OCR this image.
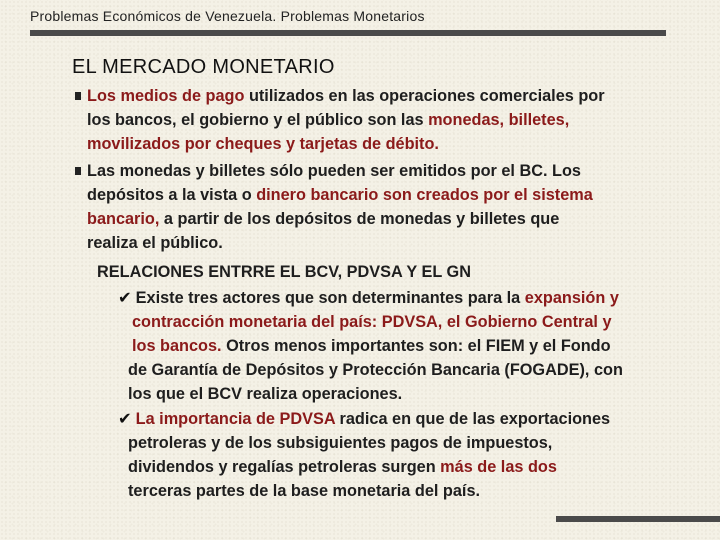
Problemas Económicos de Venezuela. Problemas Monetarios
EL MERCADO MONETARIO
Los medios de pago utilizados en las operaciones comerciales por
los bancos, el gobierno y el público son las monedas, billetes,
movilizados por cheques y tarjetas de débito.
Las monedas y billetes sólo pueden ser emitidos por el BC. Los
depósitos a la vista o dinero bancario son creados por el sistema
bancario, a partir de los depósitos de monedas y billetes que
realiza el público.
RELACIONES ENTRRE EL BCV, PDVSA Y EL GN
✔ Existe tres actores que son determinantes para la expansión y
contracción monetaria del país: PDVSA, el Gobierno Central y
los bancos. Otros menos importantes son: el FIEM y el Fondo
de Garantía de Depósitos y Protección Bancaria (FOGADE), con
los que el BCV realiza operaciones.
✔ La importancia de PDVSA radica en que de las exportaciones
petroleras y de los subsiguientes pagos de impuestos,
dividendos y regalías petroleras surgen más de las dos
terceras partes de la base monetaria del país.
